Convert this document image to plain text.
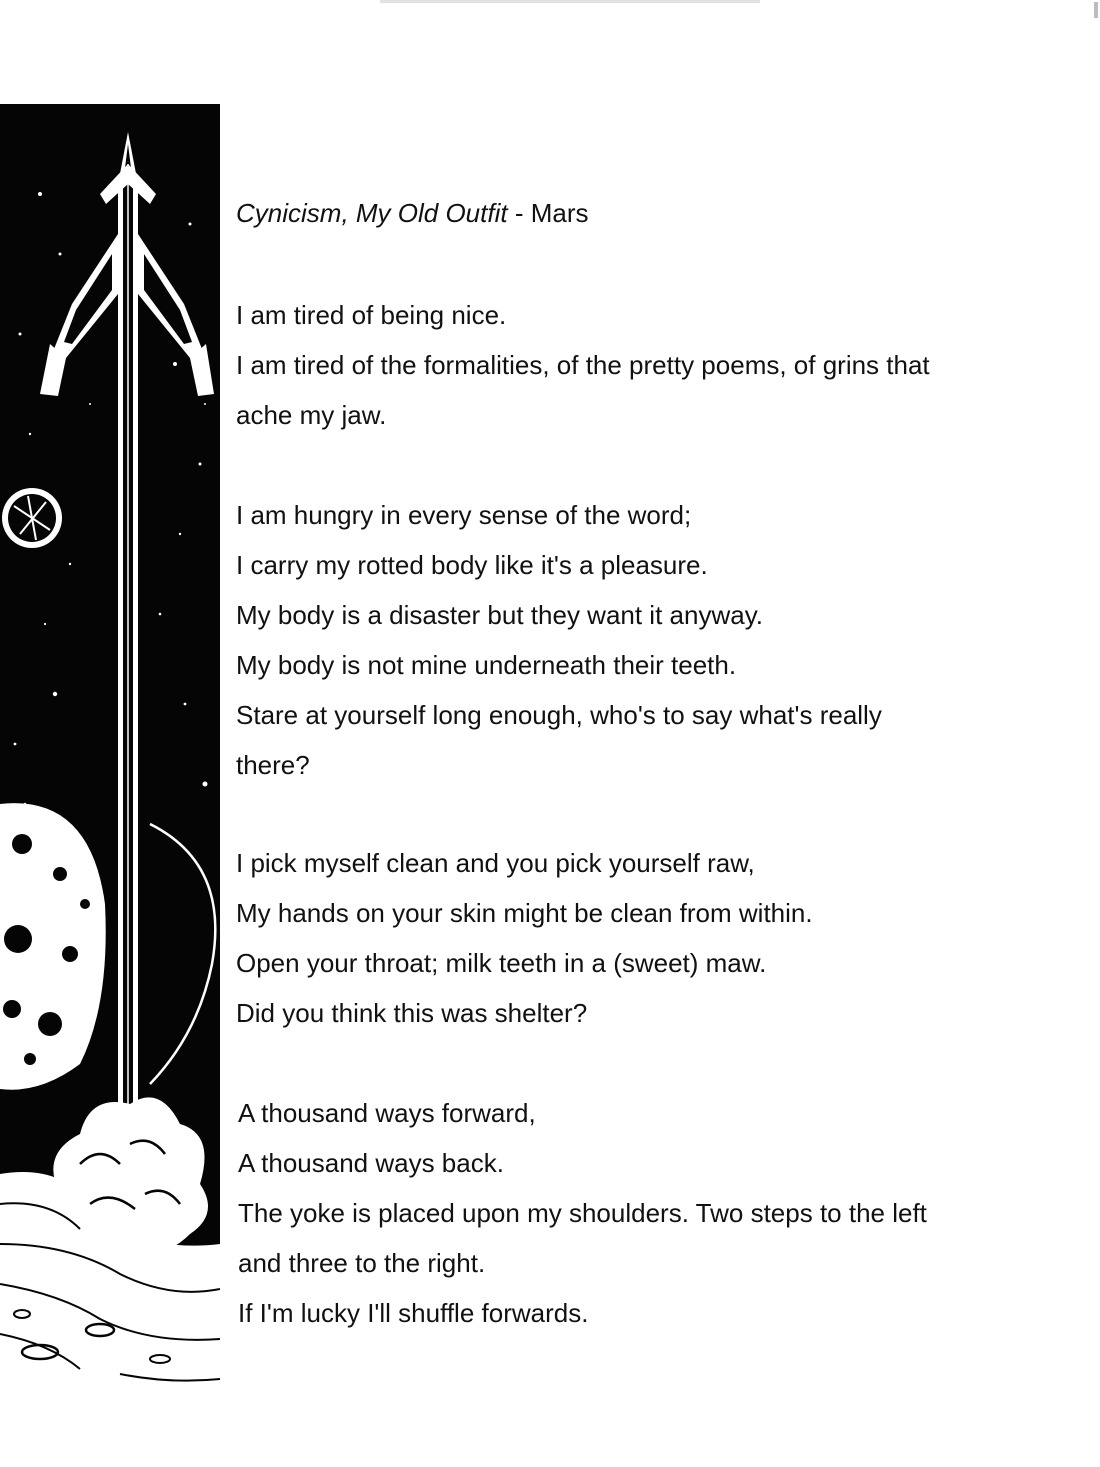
Cynicism, My Old Outfit - Mars
I am tired of being nice.
I am tired of the formalities, of the pretty poems, of grins that
ache my jaw.
I am hungry in every sense of the word;
I carry my rotted body like it's a pleasure.
My body is a disaster but they want it anyway.
My body is not mine underneath their teeth.
Stare at yourself long enough, who's to say what's really
there?
I pick myself clean and you pick yourself raw,
My hands on your skin might be clean from within.
Open your throat; milk teeth in a (sweet) maw.
Did you think this was shelter?
A thousand ways forward,
A thousand ways back.
The yoke is placed upon my shoulders. Two steps to the left
and three to the right.
If I'm lucky I'll shuffle forwards.
